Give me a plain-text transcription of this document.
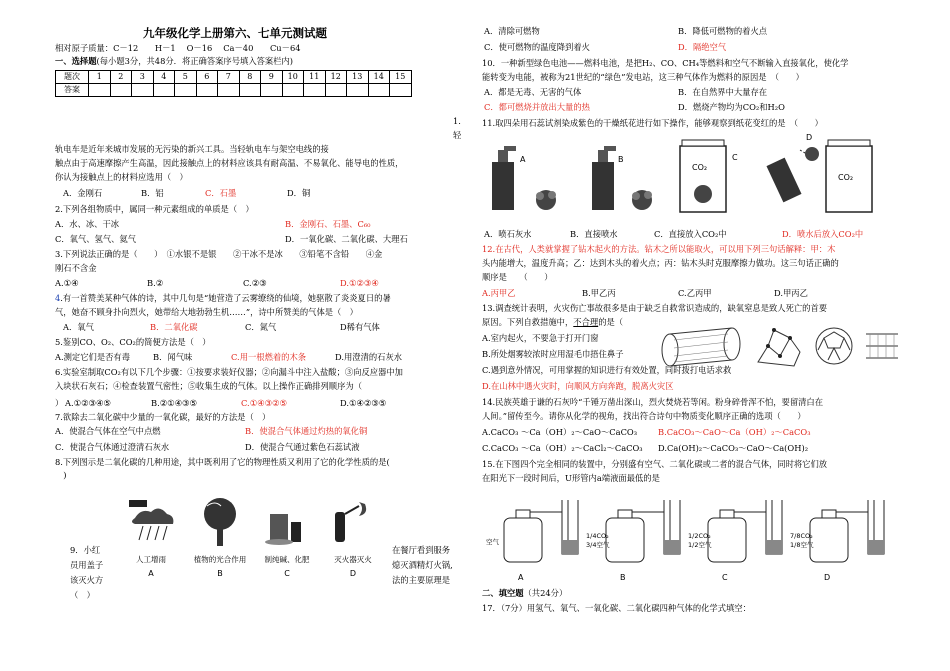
九年级化学上册第六、七单元测试题
相对原子质量：C－12　　H－1　 O－16　 Ca－40　　Cu－64
一、选择题(每小题3分，共48分．将正确答案序号填入答案栏内)
题次	1	2	3	4	5	6	7	8	9	10	11	12	13	14	15
答案															
1.
轻
轨电车是近年来城市发展的无污染的新兴工具。当轻轨电车与架空电线的接
触点由于高速摩擦产生高温，因此接触点上的材料应该具有耐高温、不易氧化、能导电的性质，
你认为接触点上的材料应选用（　）
A．金刚石	B．铝	C．石墨	D．铜
2.下列各组物质中，属同一种元素组成的单质是（　）
A．水、冰、干冰	B．金刚石、石墨、C₆₀
C．氧气、氢气、氦气	D．一氧化碳、二氧化碳、大理石
3.下列说法正确的是（　　）　①水银不是银　　②干冰不是冰　　③铅笔不含铅　　④金
刚石不含金
A.①④	B.②	C.②③	D.①②③④
4.有一首赞美某种气体的诗，其中几句是“她营造了云雾缭绕的仙境，她驱散了炎炎夏日的暑
气，她奋不顾身扑向烈火，她带给大地勃勃生机……”，诗中所赞美的气体是（　）
A．氧气	B．二氧化碳	C．氮气	D稀有气体
5.鉴别CO、O₂、CO₂的简便方法是（　）
A.测定它们是否有毒	B．闻气味	C.用一根燃着的木条	D.用澄清的石灰水
6.实验室制取CO₂有以下几个步骤：①按要求装好仪器；②向漏斗中注入盐酸；③向反应器中加
入块状石灰石；④检查装置气密性；⑤收集生成的气体。以上操作正确排列顺序为（
） A.①②③④⑤	B.②①④③⑤	C.①④③②⑤	D.①④②③⑤
7.欲除去二氧化碳中少量的一氧化碳，最好的方法是（　）
A．使混合气体在空气中点燃	B．使混合气体通过灼热的氧化铜
C．使混合气体通过澄清石灰水	D．使混合气通过紫色石蕊试液
8.下列图示是二氧化碳的几种用途，其中既利用了它的物理性质又利用了它的化学性质的是(
　)
人工增雨	植物的光合作用 制纯碱、化肥	灭火器灭火
A	B	C	D
9．小红
员用盖子
该灭火方
（　）
在餐厅看到服务
熄灭酒精灯火锅,
法的主要原理是
A．清除可燃物	B．降低可燃物的着火点
C．使可燃物的温度降到着火	D．隔绝空气
10．一种新型绿色电池——燃料电池，是把H₂、CO、CH₄等燃料和空气不断输入直接氧化，使化学
能转变为电能，被称为21世纪的“绿色”发电站，这三种气体作为燃料的原因是　（　　）
A．都是无毒、无害的气体	B．在自然界中大量存在
C．都可燃烧并放出大量的热	D．燃烧产物均为CO₂和H₂O
11.取四朵用石蕊试剂染成紫色的干燥纸花进行如下操作，能够观察到纸花变红的是　（　　）
A	B
CO₂
C
D
CO₂
A．喷石灰水	B．直接喷水	C．直接放入CO₂中	D．喷水后放入CO₂中
12.在古代，人类就掌握了钻木起火的方法。钻木之所以能取火，可以用下列三句话解释：甲：木
头内能增大，温度升高；乙：达到木头的着火点；丙：钻木头时克服摩擦力做功。这三句话正确的
顺序是　　（　　）
A.丙甲乙	B.甲乙丙	C.乙丙甲	D.甲丙乙
13.调查统计表明，火灾伤亡事故很多是由于缺乏自救常识造成的，缺氧窒息是致人死亡的首要
原因。下列自救措施中，不合理的是（
A.室内起火，不要急于打开门窗
B.所处烟雾较浓时应用湿毛巾捂住鼻子
C.遇到意外情况，可用掌握的知识进行有效处置，同时拨打电话求救
D.在山林中遇火灾时，向顺风方向奔跑，脱离火灾区
14.民族英雄于谦的石灰吟“千锤万凿出深山，烈火焚烧若等闲。粉身碎骨浑不怕，要留清白在
人间。”留传至今。请你从化学的视角，找出符合诗句中物质变化顺序正确的选项（　　）
A.CaCO₃ ～Ca（OH）₂～CaO～CaCO₃	B.CaCO₃～CaO～Ca（OH）₂～CaCO₃
C.CaCO₃ ～Ca（OH）₂～CaCl₂～CaCO₃ D.Ca(OH)₂～CaCO₃～CaO～Ca(OH)₂
15.在下图四个完全相同的装置中，分别盛有空气、二氧化碳或二者的混合气体，同时将它们放
在阳光下一段时间后，U形管内a端液面最低的是
空气
1/4CO₂ 3/4空气
1/2CO₂ 1/2空气
7/8CO₂ 1/8空气
A	B	C	D
二、填空题（共24分）
17．（7分）用氢气、氧气、一氧化碳、二氧化碳四种气体的化学式填空：
